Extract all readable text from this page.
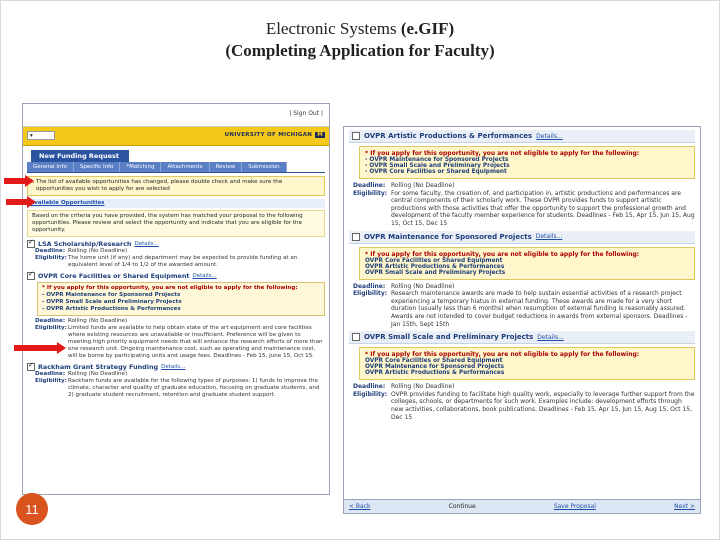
Electronic Systems (e.GIF)
(Completing Application for Faculty)
| Sign Out |
▾	UNIVERSITY OF MICHIGAN M
New Funding Request
General Info	Specific Info	*Matching	Attachments	Review	Submission
⚠ The list of available opportunities has changed, please double check and make sure the opportunities you wish to apply for are selected
Available Opportunities
Based on the criteria you have provided, the system has matched your proposal to the following opportunities. Please review and select the opportunity and indicate that you are eligible for the opportunity.
✓
LSA Scholarship/Research Details...
Deadline: Rolling (No Deadline)
Eligibility: The home unit (if any) and department may be expected to provide funding at an equivalent level of 1/4 to 1/2 of the awarded amount.
✓
OVPR Core Facilities or Shared Equipment Details...
* If you apply for this opportunity, you are not eligible to apply for the following:
- OVPR Maintenance for Sponsored Projects
- OVPR Small Scale and Preliminary Projects
- OVPR Artistic Productions & Performances
Deadline: Rolling (No Deadline)
Eligibility: Limited funds are available to help obtain state of the art equipment and core facilities where existing resources are unavailable or insufficient. Preference will be given to meeting high priority equipment needs that will enhance the research efforts of more than one research unit. Ongoing maintenance cost, such as operating and maintenance cost, will be borne by participating units and usage fees. Deadlines - Feb 15, June 15, Oct 15.
✓
Rackham Grant Strategy Funding Details...
Deadline: Rolling (No Deadline)
Eligibility: Rackham funds are available for the following types of purposes: 1) funds to improve the climate, character and quality of graduate education, focusing on graduate students, and 2) graduate student recruitment, retention and graduate student support.
OVPR Artistic Productions & Performances Details...
* If you apply for this opportunity, you are not eligible to apply for the following:
- OVPR Maintenance for Sponsored Projects
- OVPR Small Scale and Preliminary Projects
- OVPR Core Facilities or Shared Equipment
Deadline: Rolling (No Deadline)
Eligibility: For some faculty, the creation of, and participation in, artistic productions and performances are central components of their scholarly work. These OVPR provides funds to support artistic productions with those activities that offer the opportunity to support the professional growth and development of the faculty member experience for students. Deadlines - Feb 15, Apr 15, Jun 15, Aug 15, Oct 15, Dec 15
OVPR Maintenance for Sponsored Projects Details...
* If you apply for this opportunity, you are not eligible to apply for the following:
OVPR Core Facilities or Shared Equipment
OVPR Artistic Productions & Performances
OVPR Small Scale and Preliminary Projects
Deadline: Rolling (No Deadline)
Eligibility: Research maintenance awards are made to help sustain essential activities of a research project experiencing a temporary hiatus in external funding. These awards are made for a very short duration (usually less than 6 months) when resumption of external funding is reasonably assured. Awards are not intended to cover budget reductions in awards from external sponsors. Deadlines - Jan 15th, Sept 15th
OVPR Small Scale and Preliminary Projects Details...
* If you apply for this opportunity, you are not eligible to apply for the following:
OVPR Core Facilities or Shared Equipment
OVPR Maintenance for Sponsored Projects
OVPR Artistic Productions & Performances
Deadline: Rolling (No Deadline)
Eligibility: OVPR provides funding to facilitate high quality work, especially to leverage further support from the colleges, schools, or departments for such work. Examples include: development efforts through new activities, collaborations, book publications. Deadlines - Feb 15, Apr 15, Jun 15, Aug 15, Oct 15, Dec 15
< Back	Continue	Save Proposal	Next >
11
